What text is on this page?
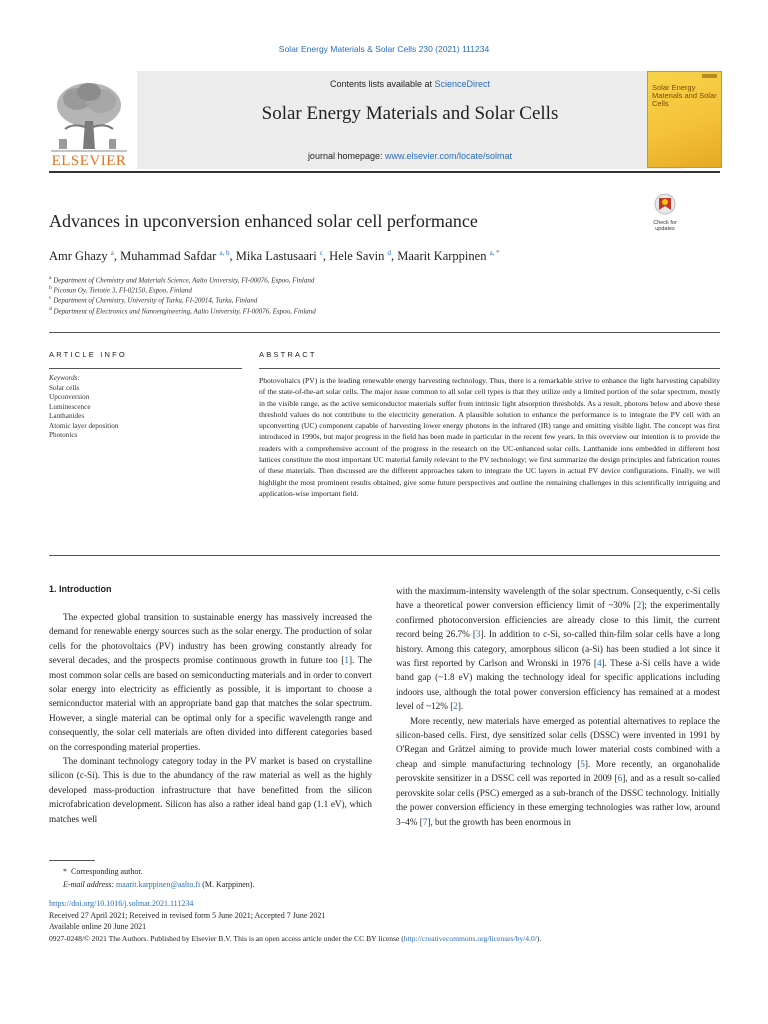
Solar Energy Materials & Solar Cells 230 (2021) 111234
ELSEVIER
Contents lists available at ScienceDirect
Solar Energy Materials and Solar Cells
journal homepage: www.elsevier.com/locate/solmat
Solar Energy Materials and Solar Cells
Advances in upconversion enhanced solar cell performance	Check for
updates
Amr Ghazy $^a$, Muhammad Safdar $^{a, b}$, Mika Lastusaari $^c$, Hele Savin $^d$, Maarit Karppinen $^{a, *}$
$^a$ Department of Chemistry and Materials Science, Aalto University, FI-00076, Espoo, Finland
$^b$ Picosun Oy, Tietotie 3, FI-02150, Espoo, Finland
$^c$ Department of Chemistry, University of Turku, FI-20014, Turku, Finland
$^d$ Department of Electronics and Nanoengineering, Aalto University, FI-00076, Espoo, Finland
ARTICLE INFO	ABSTRACT
Keywords:
Solar cells
Upconversion
Luminescence
Lanthanides
Atomic layer deposition
Photonics
Photovoltaics (PV) is the leading renewable energy harvesting technology. Thus, there is a remarkable strive to enhance the light harvesting capability of the state-of-the-art solar cells. The major issue common to all solar cell types is that they utilize only a limited portion of the solar spectrum, mostly in the visible range, as the active semiconductor materials suffer from intrinsic light absorption thresholds. As a result, photons below and above these threshold values do not contribute to the electricity generation. A plausible solution to enhance the performance is to integrate the PV cell with an upconverting (UC) component capable of harvesting lower energy photons in the infrared (IR) range and emitting visible light. The concept was first introduced in 1990s, but major progress in the field has been made in particular in the recent few years. In this overview our intention is to provide the readers with a comprehensive account of the progress in the research on the UC-enhanced solar cells. Lanthanide ions embedded in different host lattices constitute the most important UC material family relevant to the PV technology; we first summarize the design principles and fabrication routes of these materials. Then discussed are the different approaches taken to integrate the UC layers in actual PV device configurations. Finally, we will highlight the most prominent results obtained, give some future perspectives and outline the remaining challenges in this scientifically intriguing and application-wise important field.
1. Introduction

The expected global transition to sustainable energy has massively increased the demand for renewable energy sources such as the solar energy. The production of solar cells for the photovoltaics (PV) industry has been growing constantly already for several decades, and the prospects promise continuous growth in future too [1]. The most common solar cells are based on semiconducting materials and in order to convert solar energy into electricity as efficiently as possible, it is important to choose a semiconductor material with an appropriate band gap that matches the solar spectrum. However, a single material can be optimal only for a specific wavelength range and consequently, the solar cell materials are often divided into different categories based on the corresponding material properties.

The dominant technology category today in the PV market is based on crystalline silicon (c-Si). This is due to the abundancy of the raw material as well as the highly developed mass-production infrastructure that have benefitted from the silicon microfabrication development. Silicon has also a rather ideal band gap (1.1 eV), which matches well

with the maximum-intensity wavelength of the solar spectrum. Consequently, c-Si cells have a theoretical power conversion efficiency limit of ~30% [2]; the experimentally confirmed photoconversion efficiencies are already close to this limit, the current record being 26.7% [3]. In addition to c-Si, so-called thin-film solar cells have a long history. Among this category, amorphous silicon (a-Si) has been studied a lot since it was first reported by Carlson and Wronski in 1976 [4]. These a-Si cells have a wide band gap (~1.8 eV) making the technology ideal for specific applications including indoors use, although the total power conversion efficiency has remained at a modest level of ~12% [2].

More recently, new materials have emerged as potential alternatives to replace the silicon-based cells. First, dye sensitized solar cells (DSSC) were invented in 1991 by O'Regan and Grätzel aiming to provide much lower material costs combined with a cheap and simple manufacturing technology [5]. More recently, an organohalide perovskite sensitizer in a DSSC cell was reported in 2009 [6], and as a result so-called perovskite solar cells (PSC) emerged as a sub-branch of the DSSC technology. Initially the power conversion efficiency in these emerging technologies was rather low, around 3–4% [7], but the growth has been enormous in

* Corresponding author.
E-mail address: maarit.karppinen@aalto.fi (M. Karppinen).
https://doi.org/10.1016/j.solmat.2021.111234
Received 27 April 2021; Received in revised form 5 June 2021; Accepted 7 June 2021
Available online 20 June 2021
0927-0248/© 2021 The Authors. Published by Elsevier B.V. This is an open access article under the CC BY license (http://creativecommons.org/licenses/by/4.0/).
